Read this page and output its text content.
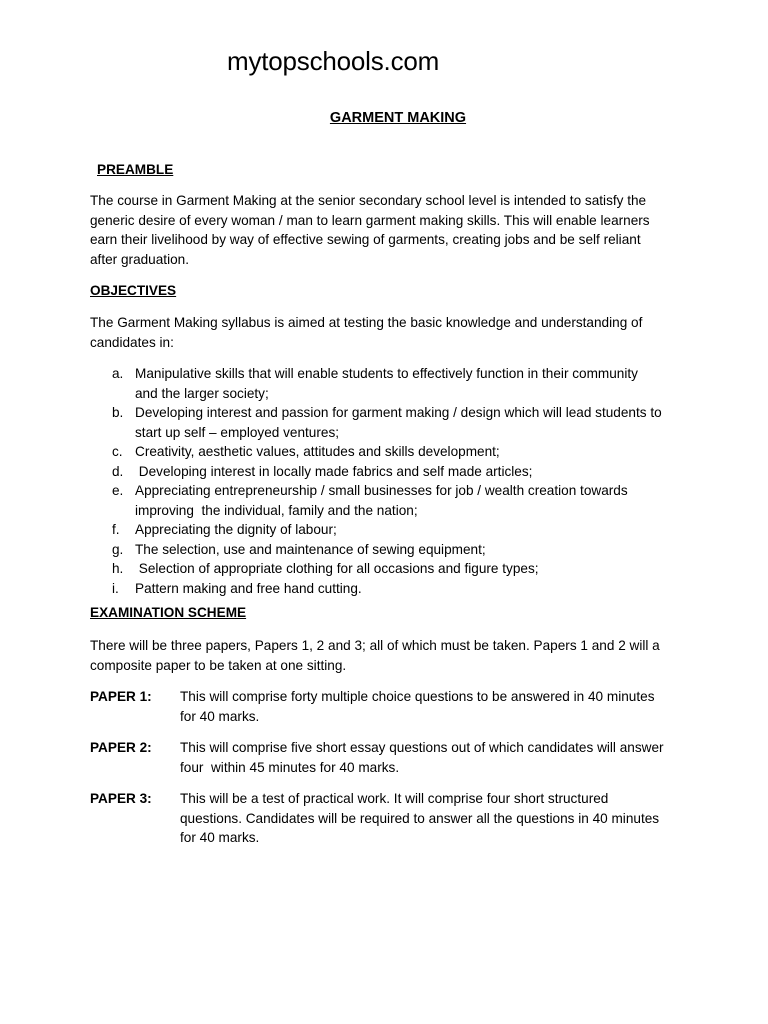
mytopschools.com
GARMENT MAKING
PREAMBLE
The course in Garment Making at the senior secondary school level is intended to satisfy the
generic desire of every woman / man to learn garment making skills. This will enable learners
earn their livelihood by way of effective sewing of garments, creating jobs and be self reliant
after graduation.
OBJECTIVES
The Garment Making syllabus is aimed at testing the basic knowledge and understanding of
candidates in:
a. Manipulative skills that will enable students to effectively function in their community
and the larger society;
b. Developing interest and passion for garment making / design which will lead students to
start up self – employed ventures;
c. Creativity, aesthetic values, attitudes and skills development;
d. Developing interest in locally made fabrics and self made articles;
e. Appreciating entrepreneurship / small businesses for job / wealth creation towards
improving  the individual, family and the nation;
f.	Appreciating the dignity of labour;
g. The selection, use and maintenance of sewing equipment;
h. Selection of appropriate clothing for all occasions and figure types;
i.	Pattern making and free hand cutting.
EXAMINATION SCHEME
There will be three papers, Papers 1, 2 and 3; all of which must be taken. Papers 1 and 2 will a
composite paper to be taken at one sitting.
PAPER 1:	This will comprise forty multiple choice questions to be answered in 40 minutes
for 40 marks.
PAPER 2:	This will comprise five short essay questions out of which candidates will answer
four  within 45 minutes for 40 marks.
PAPER 3:	This will be a test of practical work. It will comprise four short structured
questions. Candidates will be required to answer all the questions in 40 minutes
for 40 marks.
